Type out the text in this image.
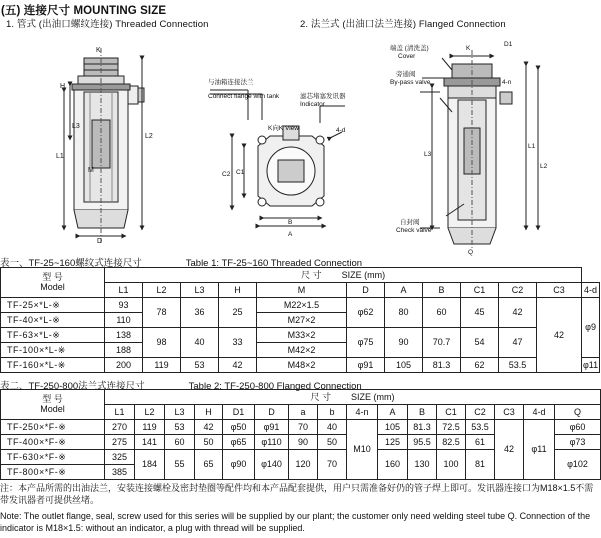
(五) 连接尺寸 MOUNTING SIZE
1. 管式 (出油口螺纹连接) Threaded Connection	2. 法兰式 (出油口法兰连接) Flanged Connection
K
L2
L1
L3
M
D
H
与油箱连接法兰
Connect flange with tank	滤芯堵塞发讯器
Indicator
K向K View	4-d
C2 C1
B
A
端盖 (清洗盖)
Cover
旁通阀
By-pass valve
自封阀
Check valve
4-n
D1
K
L1
L2
L3
Q
表一、TF-25~160螺纹式连接尺寸	Table 1: TF-25~160 Threaded Connection
型 号
Model	尺 寸 SIZE (mm)											
	L1	L2	L3	H	M	D	A	B	C1	C2	C3	4-d
TF-25×*L-※	93	78	36	25	M22×1.5	φ62	80	60	45	42	42	φ9
TF-40×*L-※	110				M27×2							
TF-63×*L-※	138	98	40	33	M33×2	φ75	90	70.7	54	47		
TF-100×*L-※	188				M42×2							
TF-160×*L-※	200	119	53	42	M48×2	φ91	105	81.3	62	53.5		φ11
表二、TF-250-800法兰式连接尺寸	Table 2: TF-250-800 Flanged Connection
型 号
Model	尺 寸 SIZE (mm)															
	L1	L2	L3	H	D1	D	a	b	4-n	A	B	C1	C2	C3	4-d	Q
TF-250×*F-※	270	119	53	42	φ50	φ91	70	40	M10	105	81.3	72.5	53.5	42	φ11	φ60
TF-400×*F-※	275	141	60	50	φ65	φ110	90	50		125	95.5	82.5	61			φ73
TF-630×*F-※	325	184	55	65	φ90	φ140	120	70		160	130	100	81			φ102
TF-800×*F-※	385															
注：本产品所需的出油法兰，安装连接螺栓及密封垫圈等配件均和本产品配套提供，用户只需准备好仍的管子焊上即可。发讯器连接口为M18×1.5不需带发讯器者可提供丝堵。
Note: The outlet flange, seal, screw used for this series will be supplied by our plant; the customer only need welding steel tube Q. Connection of the indicator is M18×1.5: without an indicator, a plug with thread will be supplied.
